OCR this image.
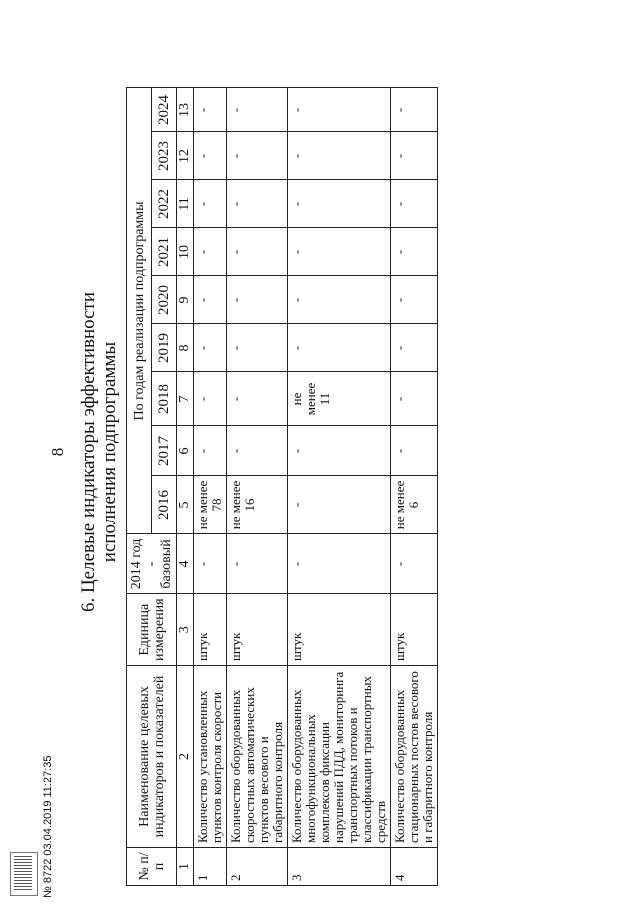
8 6. Целевые индикаторы эффективности исполнения подпрограммы
№ п/п	Наименование целевых индикаторов и показателей	Единица измерения	2014 год - базовый	По годам реализации подпрограммы								
				2016	2017	2018	2019	2020	2021	2022	2023	2024
1	2	3	4	5	6	7	8	9	10	11	12	13
1	Количество установленных пунктов контроля скорости	штук	-	не менее 78	-	-	-	-	-	-	-	-
2	Количество оборудованных скоростных автоматических пунктов весового и габаритного контроля	штук	-	не менее 16	-	-	-	-	-	-	-	-
3	Количество оборудованных многофункциональных комплексов фиксации нарушений ПДД, мониторинга транспортных потоков и классификации транспортных средств	штук	-	-	-	не менее 11	-	-	-	-	-	-
4	Количество оборудованных стационарных постов весового и габаритного контроля	штук	-	не менее 6	-	-	-	-	-	-	-	-
№ 8722 03.04.2019 11:27:35
